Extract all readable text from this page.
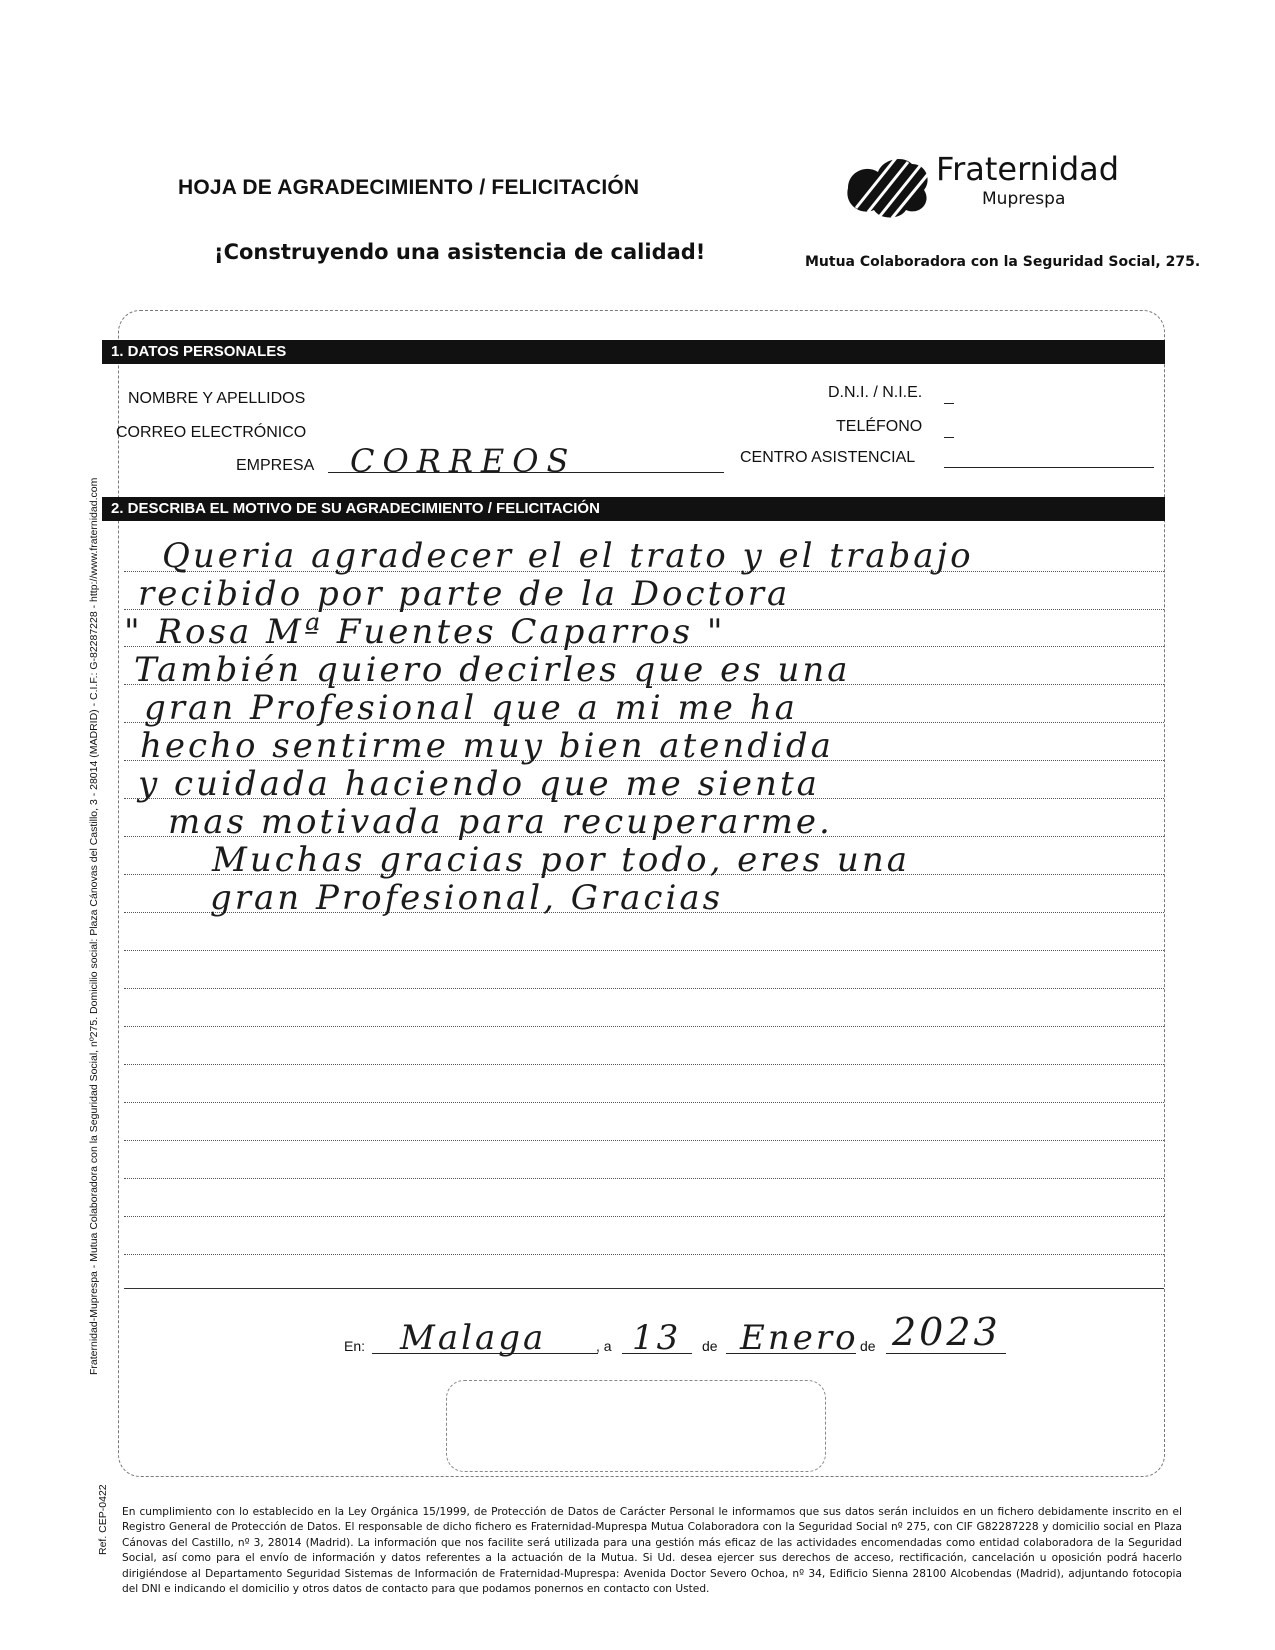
HOJA DE AGRADECIMIENTO / FELICITACIÓN
¡Construyendo una asistencia de calidad!
Fraternidad
Muprespa
Mutua Colaboradora con la Seguridad Social, 275.
1. DATOS PERSONALES
NOMBRE Y APELLIDOS	D.N.I. / N.I.E.
CORREO ELECTRÓNICO	TELÉFONO
EMPRESA CORREOS	CENTRO ASISTENCIAL
2. DESCRIBA EL MOTIVO DE SU AGRADECIMIENTO / FELICITACIÓN
Queria agradecer el el trato y el trabajo
recibido por parte de la Doctora
" Rosa Mª Fuentes Caparros "
También quiero decirles que es una
gran Profesional que a mi me ha
hecho sentirme muy bien atendida
y cuidada haciendo que me sienta
mas motivada para recuperarme.
Muchas gracias por todo, eres una
gran Profesional, Gracias
En: Malaga	, a 13 de Enero de 2023
Fraternidad-Muprespa - Mutua Colaboradora con la Seguridad Social, nº275. Domicilio social: Plaza Cánovas del Castillo, 3 - 28014 (MADRID) - C.I.F.: G-82287228 - http://www.fraternidad.com
Ref. CEP-0422 En cumplimiento con lo establecido en la Ley Orgánica 15/1999, de Protección de Datos de Carácter Personal le informamos que sus datos serán incluidos en un fichero debidamente inscrito en el Registro General de Protección de Datos. El responsable de dicho fichero es Fraternidad-Muprespa Mutua Colaboradora con la Seguridad Social nº 275, con CIF G82287228 y domicilio social en Plaza Cánovas del Castillo, nº 3, 28014 (Madrid). La información que nos facilite será utilizada para una gestión más eficaz de las actividades encomendadas como entidad colaboradora de la Seguridad Social, así como para el envío de información y datos referentes a la actuación de la Mutua. Si Ud. desea ejercer sus derechos de acceso, rectificación, cancelación u oposición podrá hacerlo dirigiéndose al Departamento Seguridad Sistemas de Información de Fraternidad-Muprespa: Avenida Doctor Severo Ochoa, nº 34, Edificio Sienna 28100 Alcobendas (Madrid), adjuntando fotocopia del DNI e indicando el domicilio y otros datos de contacto para que podamos ponernos en contacto con Usted.
